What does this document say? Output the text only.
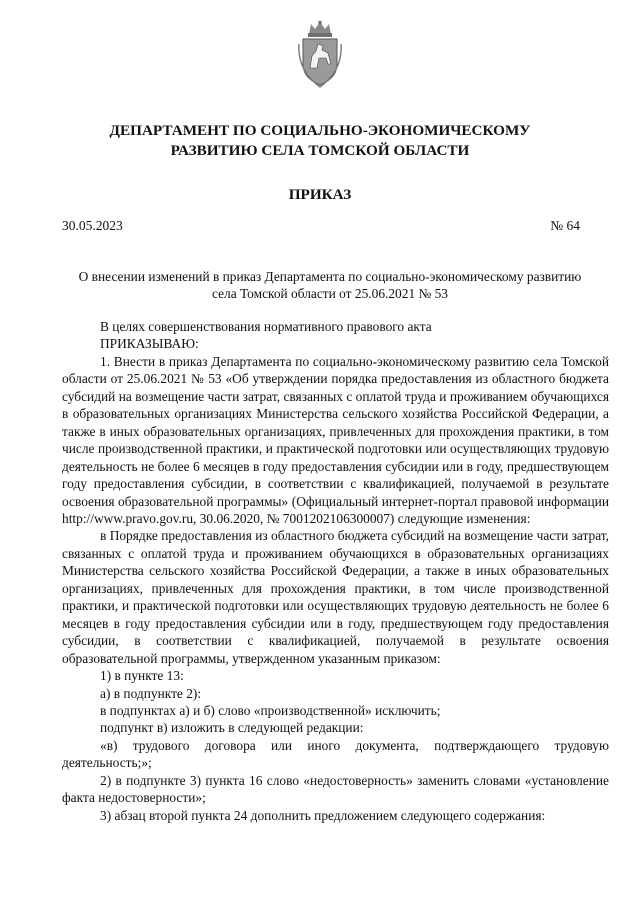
ДЕПАРТАМЕНТ ПО СОЦИАЛЬНО-ЭКОНОМИЧЕСКОМУ
РАЗВИТИЮ СЕЛА ТОМСКОЙ ОБЛАСТИ
ПРИКАЗ
30.05.2023	№ 64
О внесении изменений в приказ Департамента по социально-экономическому развитию
села Томской области от 25.06.2021 № 53

В целях совершенствования нормативного правового акта

ПРИКАЗЫВАЮ:

1. Внести в приказ Департамента по социально-экономическому развитию села Томской области от 25.06.2021 № 53 «Об утверждении порядка предоставления из областного бюджета субсидий на возмещение части затрат, связанных с оплатой труда и проживанием обучающихся в образовательных организациях Министерства сельского хозяйства Российской Федерации, а также в иных образовательных организациях, привлеченных для прохождения практики, в том числе производственной практики, и практической подготовки или осуществляющих трудовую деятельность не более 6 месяцев в году предоставления субсидии или в году, предшествующем году предоставления субсидии, в соответствии с квалификацией, получаемой в результате освоения образовательной программы» (Официальный интернет-портал правовой информации http://www.pravo.gov.ru, 30.06.2020, № 7001202106300007) следующие изменения:

в Порядке предоставления из областного бюджета субсидий на возмещение части затрат, связанных с оплатой труда и проживанием обучающихся в образовательных организациях Министерства сельского хозяйства Российской Федерации, а также в иных образовательных организациях, привлеченных для прохождения практики, в том числе производственной практики, и практической подготовки или осуществляющих трудовую деятельность не более 6 месяцев в году предоставления субсидии или в году, предшествующем году предоставления субсидии, в соответствии с квалификацией, получаемой в результате освоения образовательной программы, утвержденном указанным приказом:

1) в пункте 13:

а) в подпункте 2):

в подпунктах а) и б) слово «производственной» исключить;

подпункт в) изложить в следующей редакции:

«в) трудового договора или иного документа, подтверждающего трудовую деятельность;»;

2) в подпункте 3) пункта 16 слово «недостоверность» заменить словами «установление факта недостоверности»;

3) абзац второй пункта 24 дополнить предложением следующего содержания:
